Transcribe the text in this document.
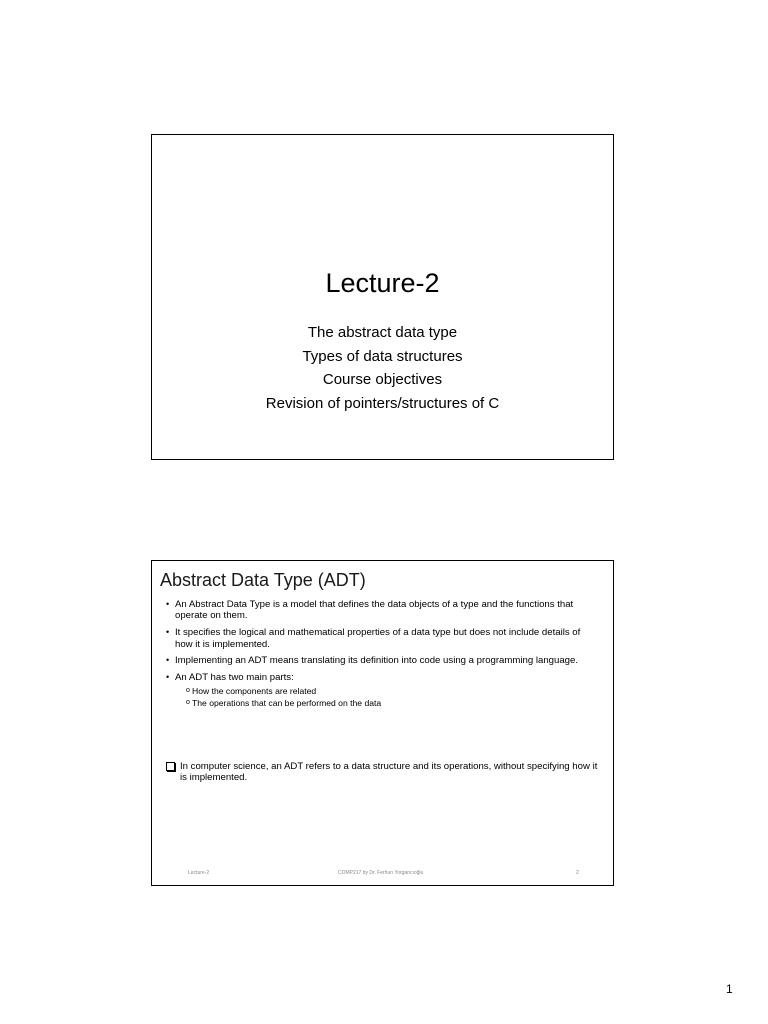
Lecture-2
The abstract data type
Types of data structures
Course objectives
Revision of pointers/structures of C
Abstract Data Type (ADT)
• An Abstract Data Type is a model that defines the data objects of a type and the functions that operate on them.
• It specifies the logical and mathematical properties of a data type but does not include details of how it is implemented.
• Implementing an ADT means translating its definition into code using a programming language.
• An ADT has two main parts:
o How the components are related
o The operations that can be performed on the data
In computer science, an ADT refers to a data structure and its operations, without specifying how it is implemented.
Lecture-2	COMP217 by Dr. Ferhun Yorgancıoğlu	2
1
